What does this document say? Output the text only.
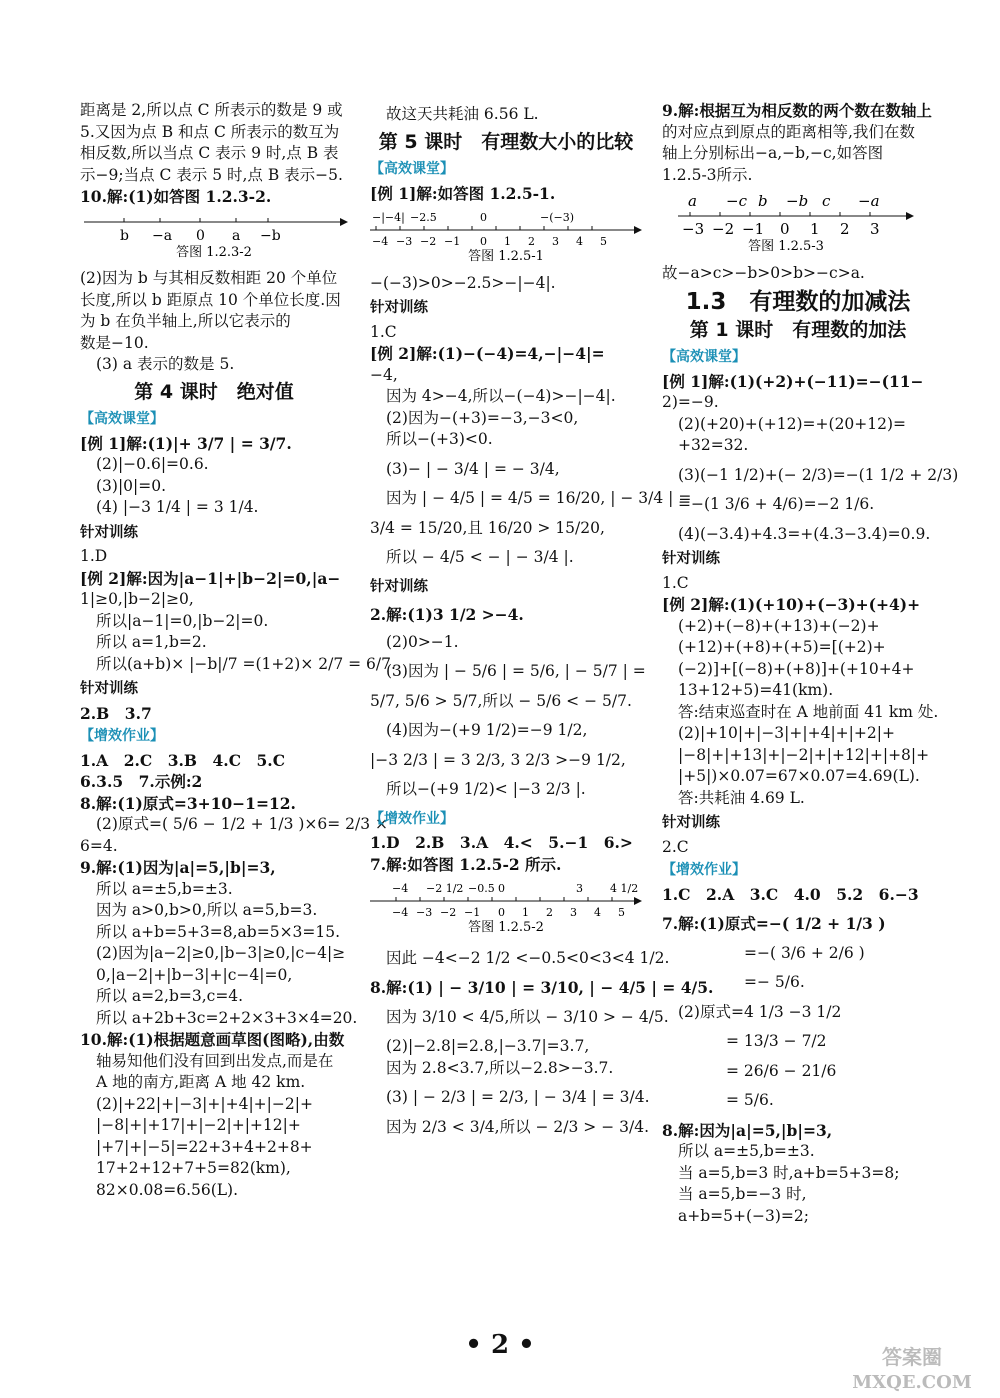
距离是 2,所以点 C 所表示的数是 9 或
5.又因为点 B 和点 C 所表示的数互为
相反数,所以当点 C 表示 9 时,点 B 表
示−9;当点 C 表示 5 时,点 B 表示−5.
10.解:(1)如答图 1.2.3-2.
b −a 0 a −b
答图 1.2.3-2
(2)因为 b 与其相反数相距 20 个单位
长度,所以 b 距原点 10 个单位长度.因
为 b 在负半轴上,所以它表示的
数是−10.
(3) a 表示的数是 5.
第 4 课时　绝对值
【高效课堂】
[例 1]解:(1)|+ 3/7 | = 3/7.
(2)|−0.6|=0.6.
(3)|0|=0.
(4) |−3 1/4 | = 3 1/4.
针对训练
1.D
[例 2]解:因为|a−1|+|b−2|=0,|a−
1|≥0,|b−2|≥0,
所以|a−1|=0,|b−2|=0.
所以 a=1,b=2.
所以(a+b)× |−b|/7 =(1+2)× 2/7 = 6/7.
针对训练
2.B　3.7
【增效作业】
1.A　2.C　3.B　4.C　5.C
6.3.5　7.示例:2
8.解:(1)原式=3+10−1=12.
(2)原式=( 5/6 − 1/2 + 1/3 )×6= 2/3 ×
6=4.
9.解:(1)因为|a|=5,|b|=3,
所以 a=±5,b=±3.
因为 a>0,b>0,所以 a=5,b=3.
所以 a+b=5+3=8,ab=5×3=15.
(2)因为|a−2|≥0,|b−3|≥0,|c−4|≥
0,|a−2|+|b−3|+|c−4|=0,
所以 a=2,b=3,c=4.
所以 a+2b+3c=2+2×3+3×4=20.
10.解:(1)根据题意画草图(图略),由数
轴易知他们没有回到出发点,而是在
A 地的南方,距离 A 地 42 km.
(2)|+22|+|−3|+|+4|+|−2|+
|−8|+|+17|+|−2|+|+12|+
|+7|+|−5|=22+3+4+2+8+
17+2+12+7+5=82(km),
82×0.08=6.56(L).
故这天共耗油 6.56 L.
第 5 课时　有理数大小的比较
【高效课堂】
[例 1]解:如答图 1.2.5-1.
−|−4| −2.5	0	−(−3)
−4 −3 −2 −1 0 1 2 3 4 5
答图 1.2.5-1
−(−3)>0>−2.5>−|−4|.
针对训练
1.C
[例 2]解:(1)−(−4)=4,−|−4|=
−4,
因为 4>−4,所以−(−4)>−|−4|.
(2)因为−(+3)=−3,−3<0,
所以−(+3)<0.
(3)− | − 3/4 | = − 3/4,
因为 | − 4/5 | = 4/5 = 16/20, | − 3/4 | =
3/4 = 15/20,且 16/20 > 15/20,
所以 − 4/5 < − | − 3/4 |.
针对训练
2.解:(1)3 1/2 >−4.
(2)0>−1.
(3)因为 | − 5/6 | = 5/6, | − 5/7 | =
5/7, 5/6 > 5/7,所以 − 5/6 < − 5/7.
(4)因为−(+9 1/2)=−9 1/2,
|−3 2/3 | = 3 2/3, 3 2/3 >−9 1/2,
所以−(+9 1/2)< |−3 2/3 |.
【增效作业】
1.D　2.B　3.A　4.<　5.−1　6.>
7.解:如答图 1.2.5-2 所示.
−4 −2 1/2 −0.5 0	3 4 1/2
−4 −3 −2 −1 0 1 2 3 4 5
答图 1.2.5-2
因此 −4<−2 1/2 <−0.5<0<3<4 1/2.
8.解:(1) | − 3/10 | = 3/10, | − 4/5 | = 4/5.
因为 3/10 < 4/5,所以 − 3/10 > − 4/5.
(2)|−2.8|=2.8,|−3.7|=3.7,
因为 2.8<3.7,所以−2.8>−3.7.
(3) | − 2/3 | = 2/3, | − 3/4 | = 3/4.
因为 2/3 < 3/4,所以 − 2/3 > − 3/4.
9.解:根据互为相反数的两个数在数轴上
的对应点到原点的距离相等,我们在数
轴上分别标出−a,−b,−c,如答图
1.2.5-3所示.
a −c b −b c −a
−3 −2 −1 0 1 2 3
答图 1.2.5-3
故−a>c>−b>0>b>−c>a.
1.3　有理数的加减法
第 1 课时　有理数的加法
【高效课堂】
[例 1]解:(1)(+2)+(−11)=−(11−
2)=−9.
(2)(+20)+(+12)=+(20+12)=
+32=32.
(3)(−1 1/2)+(− 2/3)=−(1 1/2 + 2/3)
=−(1 3/6 + 4/6)=−2 1/6.
(4)(−3.4)+4.3=+(4.3−3.4)=0.9.
针对训练
1.C
[例 2]解:(1)(+10)+(−3)+(+4)+
(+2)+(−8)+(+13)+(−2)+
(+12)+(+8)+(+5)=[(+2)+
(−2)]+[(−8)+(+8)]+(+10+4+
13+12+5)=41(km).
答:结束巡查时在 A 地前面 41 km 处.
(2)|+10|+|−3|+|+4|+|+2|+
|−8|+|+13|+|−2|+|+12|+|+8|+
|+5|)×0.07=67×0.07=4.69(L).
答:共耗油 4.69 L.
针对训练
2.C
【增效作业】
1.C　2.A　3.C　4.0　5.2　6.−3
7.解:(1)原式=−( 1/2 + 1/3 )
=−( 3/6 + 2/6 )
=− 5/6.
(2)原式=4 1/3 −3 1/2
= 13/3 − 7/2
= 26/6 − 21/6
= 5/6.
8.解:因为|a|=5,|b|=3,
所以 a=±5,b=±3.
当 a=5,b=3 时,a+b=5+3=8;
当 a=5,b=−3 时,
a+b=5+(−3)=2;
• 2 •	答案圈
MXQE.COM
